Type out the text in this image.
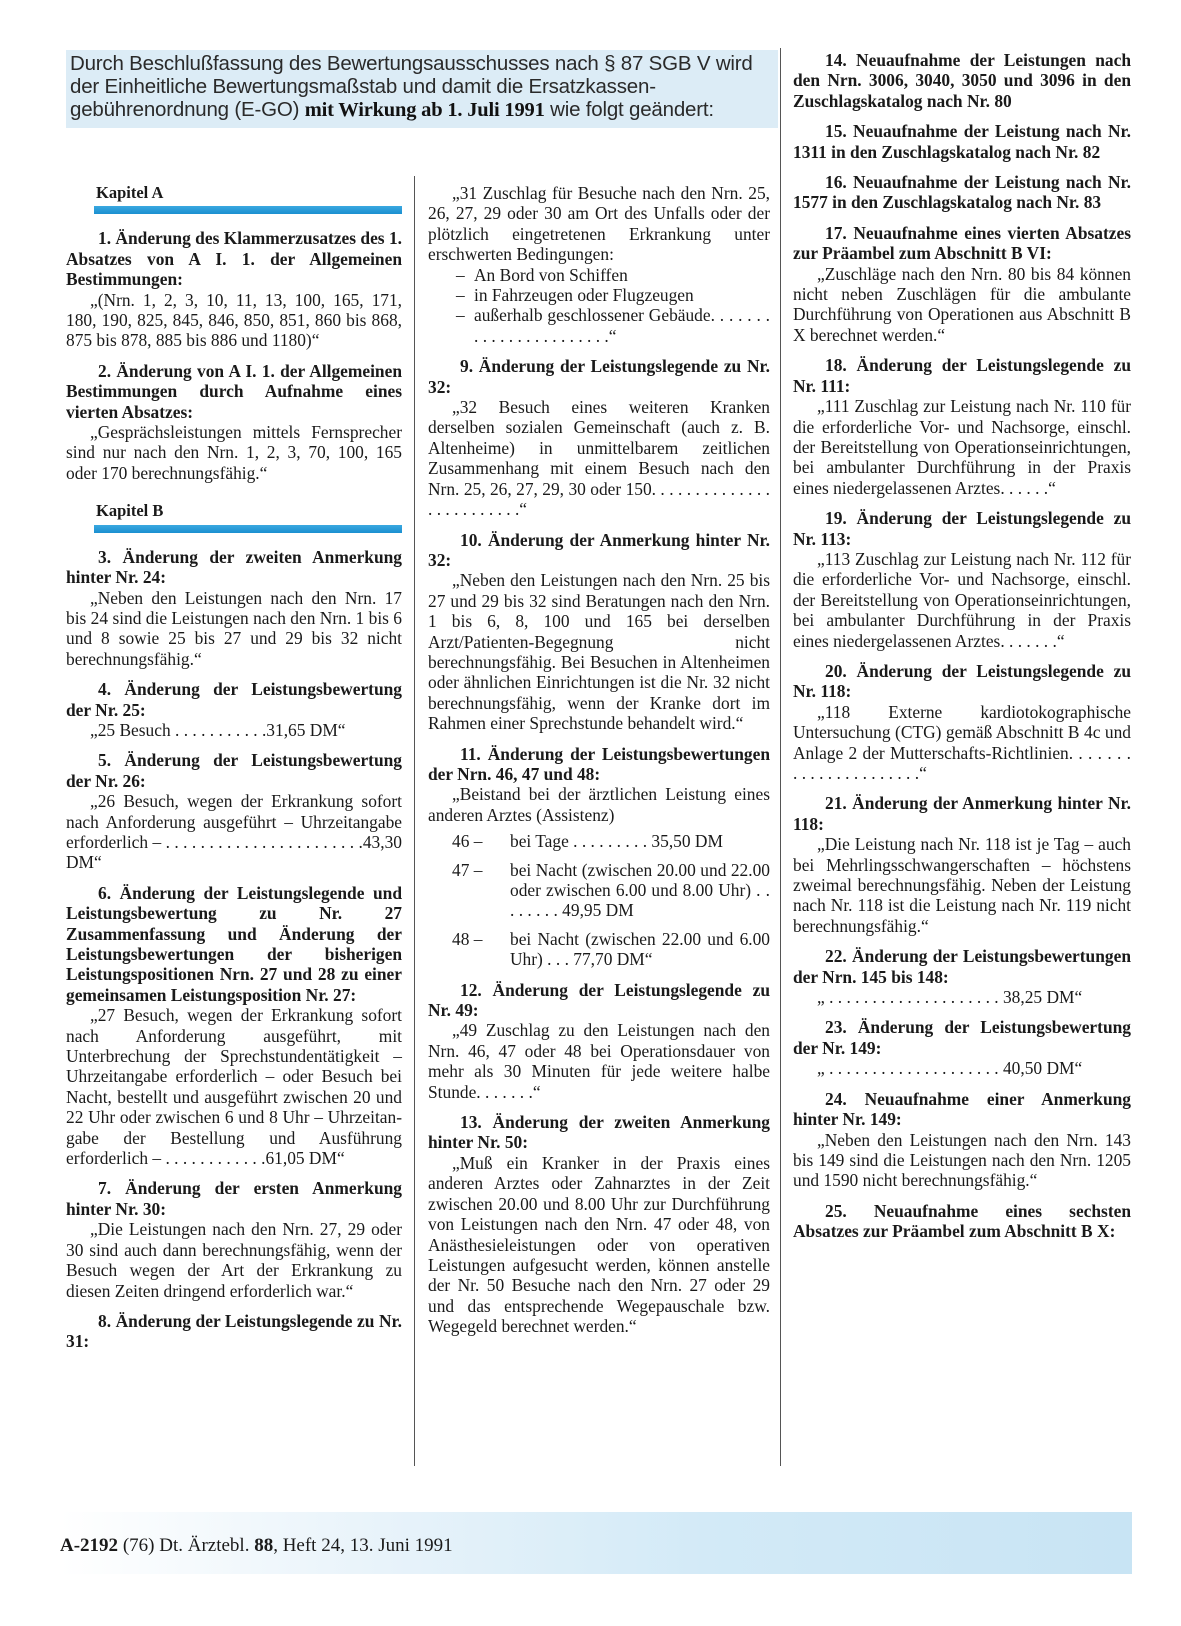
Durch Beschlußfassung des Bewertungsausschusses nach § 87 SGB V wird der Einheitliche Bewertungsmaßstab und damit die Ersatzkassengebührenordnung (E-GO) mit Wirkung ab 1. Juli 1991 wie folgt geändert:
Kapitel A

1. Änderung des Klammerzusatzes des 1. Absatzes von A I. 1. der Allgemeinen Bestimmungen:

„(Nrn. 1, 2, 3, 10, 11, 13, 100, 165, 171, 180, 190, 825, 845, 846, 850, 851, 860 bis 868, 875 bis 878, 885 bis 886 und 1180)“

2. Änderung von A I. 1. der Allgemeinen Bestimmungen durch Aufnahme eines vierten Absatzes:

„Gesprächsleistungen mittels Fernsprecher sind nur nach den Nrn. 1, 2, 3, 70, 100, 165 oder 170 berechnungsfähig.“

Kapitel B

3. Änderung der zweiten Anmerkung hinter Nr. 24:

„Neben den Leistungen nach den Nrn. 17 bis 24 sind die Leistungen nach den Nrn. 1 bis 6 und 8 sowie 25 bis 27 und 29 bis 32 nicht berechnungsfähig.“

4. Änderung der Leistungsbewertung der Nr. 25:

„25 Besuch . . . . . . . . . . .31,65 DM“

5. Änderung der Leistungsbewertung der Nr. 26:

„26 Besuch, wegen der Erkrankung sofort nach Anforderung ausgeführt – Uhrzeitangabe erforderlich – . . . . . . . . . . . . . . . . . . . . . . .43,30 DM“

6. Änderung der Leistungslegende und Leistungsbewertung zu Nr. 27 Zusammenfassung und Änderung der Leistungsbewertungen der bisherigen Leistungspositionen Nrn. 27 und 28 zu einer gemeinsamen Leistungsposition Nr. 27:

„27 Besuch, wegen der Erkrankung sofort nach Anforderung ausgeführt, mit Unterbrechung der Sprechstundentätigkeit – Uhrzeitangabe erforderlich – oder Besuch bei Nacht, bestellt und ausgeführt zwischen 20 und 22 Uhr oder zwischen 6 und 8 Uhr – Uhrzeitangabe der Bestellung und Ausführung erforderlich – . . . . . . . . . . . .61,05 DM“

7. Änderung der ersten Anmerkung hinter Nr. 30:

„Die Leistungen nach den Nrn. 27, 29 oder 30 sind auch dann berechnungsfähig, wenn der Besuch wegen der Art der Erkrankung zu diesen Zeiten dringend erforderlich war.“

8. Änderung der Leistungslegende zu Nr. 31:

„31 Zuschlag für Besuche nach den Nrn. 25, 26, 27, 29 oder 30 am Ort des Unfalls oder der plötzlich eingetretenen Erkrankung unter erschwerten Bedingungen:

– An Bord von Schiffen
– in Fahrzeugen oder Flugzeugen
– außerhalb geschlossener Gebäude. . . . . . . . . . . . . . . . . . . . . . .“

9. Änderung der Leistungslegende zu Nr. 32:

„32 Besuch eines weiteren Kranken derselben sozialen Gemeinschaft (auch z. B. Altenheime) in unmittelbarem zeitlichen Zusammenhang mit einem Besuch nach den Nrn. 25, 26, 27, 29, 30 oder 150. . . . . . . . . . . . . . . . . . . . . . . . .“

10. Änderung der Anmerkung hinter Nr. 32:

„Neben den Leistungen nach den Nrn. 25 bis 27 und 29 bis 32 sind Beratungen nach den Nrn. 1 bis 6, 8, 100 und 165 bei derselben Arzt/Patienten-Begegnung nicht berechnungsfähig. Bei Besuchen in Altenheimen oder ähnlichen Einrichtungen ist die Nr. 32 nicht berechnungsfähig, wenn der Kranke dort im Rahmen einer Sprechstunde behandelt wird.“

11. Änderung der Leistungsbewertungen der Nrn. 46, 47 und 48:

„Beistand bei der ärztlichen Leistung eines anderen Arztes (Assistenz)

46 –	bei Tage . . . . . . . . . 35,50 DM
47 –	bei Nacht (zwischen 20.00 und 22.00 oder zwischen 6.00 und 8.00 Uhr) . . . . . . . . 49,95 DM
48 –	bei Nacht (zwischen 22.00 und 6.00 Uhr) . . . 77,70 DM“

12. Änderung der Leistungslegende zu Nr. 49:

„49 Zuschlag zu den Leistungen nach den Nrn. 46, 47 oder 48 bei Operationsdauer von mehr als 30 Minuten für jede weitere halbe Stunde. . . . . . .“

13. Änderung der zweiten Anmerkung hinter Nr. 50:

„Muß ein Kranker in der Praxis eines anderen Arztes oder Zahnarztes in der Zeit zwischen 20.00 und 8.00 Uhr zur Durchführung von Leistungen nach den Nrn. 47 oder 48, von Anästhesieleistungen oder von operativen Leistungen aufgesucht werden, können anstelle der Nr. 50 Besuche nach den Nrn. 27 oder 29 und das entsprechende Wegepauschale bzw. Wegegeld berechnet werden.“

14. Neuaufnahme der Leistungen nach den Nrn. 3006, 3040, 3050 und 3096 in den Zuschlagskatalog nach Nr. 80

15. Neuaufnahme der Leistung nach Nr. 1311 in den Zuschlagskatalog nach Nr. 82

16. Neuaufnahme der Leistung nach Nr. 1577 in den Zuschlagskatalog nach Nr. 83

17. Neuaufnahme eines vierten Absatzes zur Präambel zum Abschnitt B VI:

„Zuschläge nach den Nrn. 80 bis 84 können nicht neben Zuschlägen für die ambulante Durchführung von Operationen aus Abschnitt B X berechnet werden.“

18. Änderung der Leistungslegende zu Nr. 111:

„111 Zuschlag zur Leistung nach Nr. 110 für die erforderliche Vor- und Nachsorge, einschl. der Bereitstellung von Operationseinrichtungen, bei ambulanter Durchführung in der Praxis eines niedergelassenen Arztes. . . . . .“

19. Änderung der Leistungslegende zu Nr. 113:

„113 Zuschlag zur Leistung nach Nr. 112 für die erforderliche Vor- und Nachsorge, einschl. der Bereitstellung von Operationseinrichtungen, bei ambulanter Durchführung in der Praxis eines niedergelassenen Arztes. . . . . . .“

20. Änderung der Leistungslegende zu Nr. 118:

„118 Externe kardiotokographische Untersuchung (CTG) gemäß Abschnitt B 4c und Anlage 2 der Mutterschafts-Richtlinien. . . . . . . . . . . . . . . . . . . . . .“

21. Änderung der Anmerkung hinter Nr. 118:

„Die Leistung nach Nr. 118 ist je Tag – auch bei Mehrlingsschwangerschaften – höchstens zweimal berechnungsfähig. Neben der Leistung nach Nr. 118 ist die Leistung nach Nr. 119 nicht berechnungsfähig.“

22. Änderung der Leistungsbewertungen der Nrn. 145 bis 148:

„ . . . . . . . . . . . . . . . . . . . . 38,25 DM“

23. Änderung der Leistungsbewertung der Nr. 149:

„ . . . . . . . . . . . . . . . . . . . . 40,50 DM“

24. Neuaufnahme einer Anmerkung hinter Nr. 149:

„Neben den Leistungen nach den Nrn. 143 bis 149 sind die Leistungen nach den Nrn. 1205 und 1590 nicht berechnungsfähig.“

25. Neuaufnahme eines sechsten Absatzes zur Präambel zum Abschnitt B X:

A-2192 (76) Dt. Ärztebl. 88, Heft 24, 13. Juni 1991
